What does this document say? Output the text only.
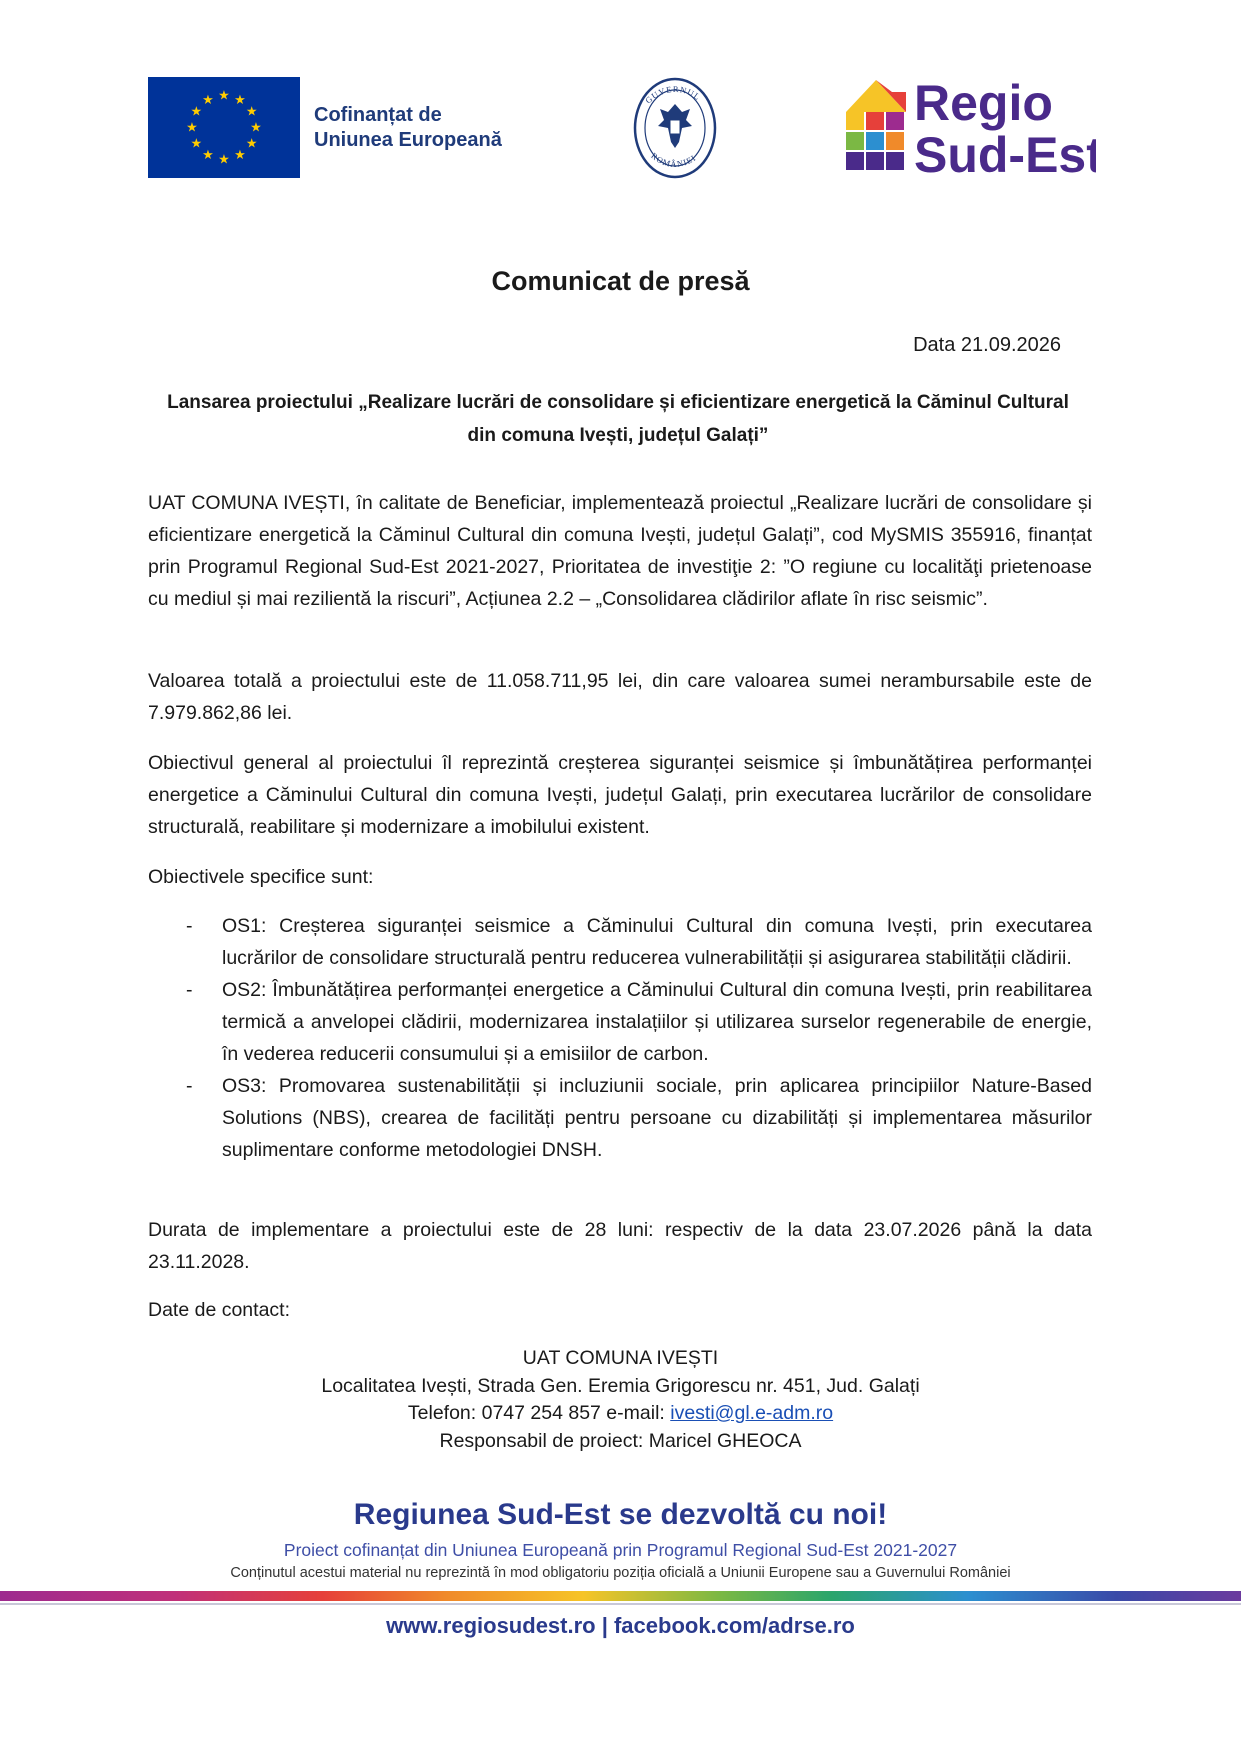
★ ★
★
★
★
★
★
★
★
★
★
★
Cofinanțat de
Uniunea Europeană
GUVERNUL
ROMÂNIEI
Regio
Sud-Est
Comunicat de presă
Data 21.09.2026
Lansarea proiectului „Realizare lucrări de consolidare și eficientizare energetică la Căminul Cultural
din comuna Ivești, județul Galați”
UAT COMUNA IVEȘTI, în calitate de Beneficiar, implementează proiectul „Realizare lucrări de consolidare și eficientizare energetică la Căminul Cultural din comuna Ivești, județul Galați”, cod MySMIS 355916, finanțat prin Programul Regional Sud-Est 2021-2027, Prioritatea de investiţie 2: ”O regiune cu localităţi prietenoase cu mediul și mai rezilientă la riscuri”, Acțiunea 2.2 – „Consolidarea clădirilor aflate în risc seismic”.
Valoarea totală a proiectului este de 11.058.711,95 lei, din care valoarea sumei nerambursabile este de 7.979.862,86 lei.
Obiectivul general al proiectului îl reprezintă creșterea siguranței seismice și îmbunătățirea performanței energetice a Căminului Cultural din comuna Ivești, județul Galați, prin executarea lucrărilor de consolidare structurală, reabilitare și modernizare a imobilului existent.
Obiectivele specifice sunt:
- OS1: Creșterea siguranței seismice a Căminului Cultural din comuna Ivești, prin executarea lucrărilor de consolidare structurală pentru reducerea vulnerabilității și asigurarea stabilității clădirii.
- OS2: Îmbunătățirea performanței energetice a Căminului Cultural din comuna Ivești, prin reabilitarea termică a anvelopei clădirii, modernizarea instalațiilor și utilizarea surselor regenerabile de energie, în vederea reducerii consumului și a emisiilor de carbon.
- OS3: Promovarea sustenabilității și incluziunii sociale, prin aplicarea principiilor Nature-Based Solutions (NBS), crearea de facilități pentru persoane cu dizabilități și implementarea măsurilor suplimentare conforme metodologiei DNSH.
Durata de implementare a proiectului este de 28 luni: respectiv de la data 23.07.2026 până la data 23.11.2028.
Date de contact:
UAT COMUNA IVEȘTI
Localitatea Ivești, Strada Gen. Eremia Grigorescu nr. 451, Jud. Galați
Telefon: 0747 254 857 e-mail: ivesti@gl.e-adm.ro
Responsabil de proiect: Maricel GHEOCA
Regiunea Sud-Est se dezvoltă cu noi!
Proiect cofinanțat din Uniunea Europeană prin Programul Regional Sud-Est 2021-2027
Conținutul acestui material nu reprezintă în mod obligatoriu poziția oficială a Uniunii Europene sau a Guvernului României
www.regiosudest.ro | facebook.com/adrse.ro
